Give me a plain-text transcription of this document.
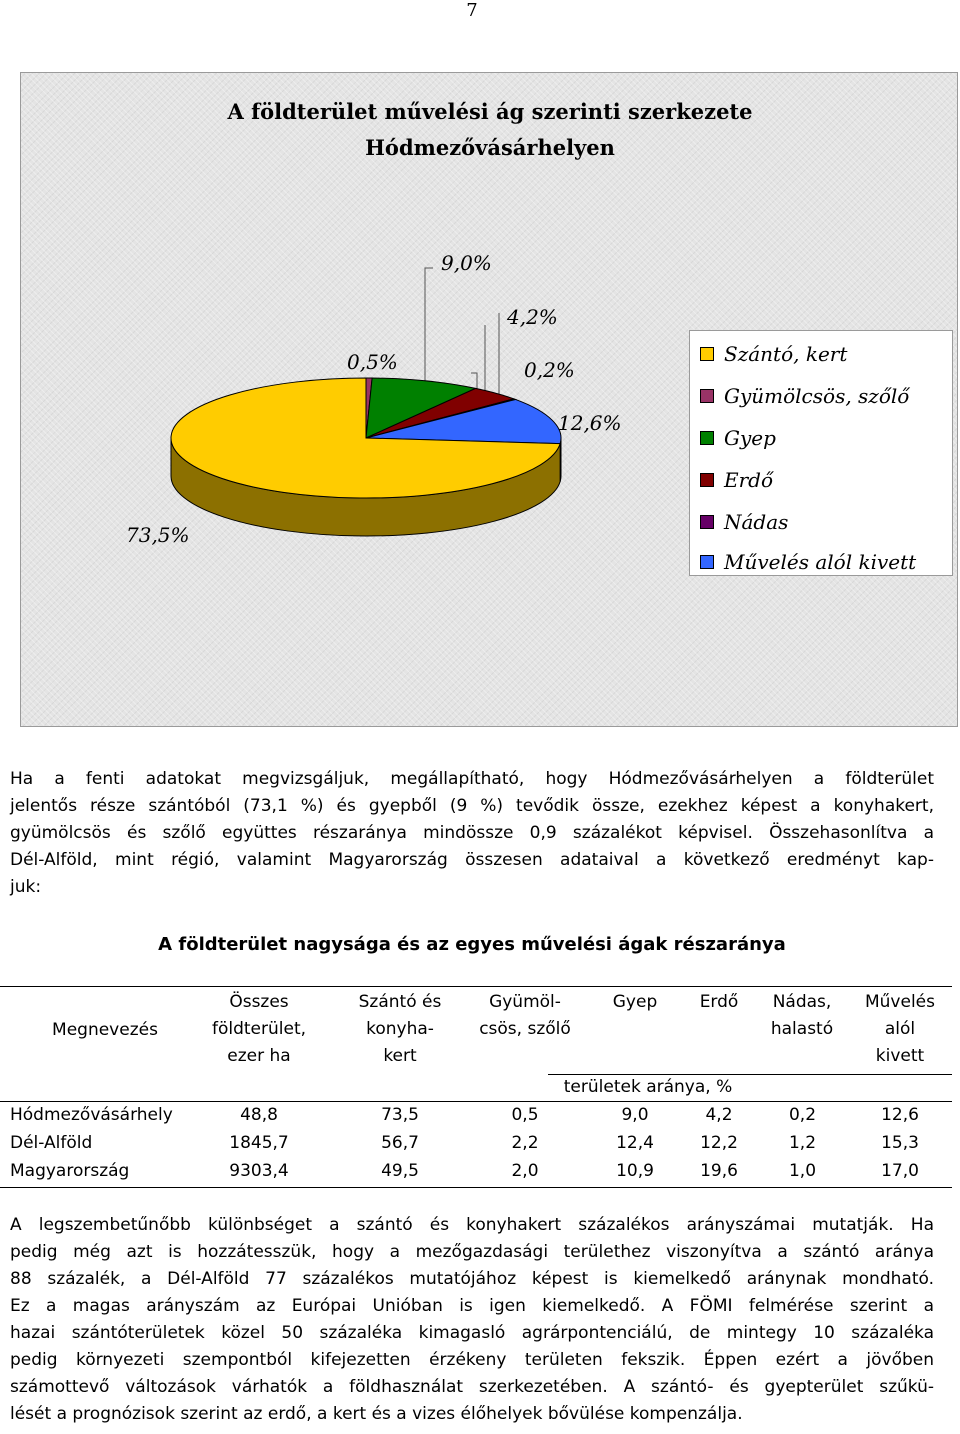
7
A földterület művelési ág szerinti szerkezete
Hódmezővásárhelyen
73,5%
0,5%
9,0%
4,2%
0,2%
12,6%
Szántó, kert
Gyümölcsös, szőlő
Gyep
Erdő
Nádas
Művelés alól kivett
Ha a fenti adatokat megvizsgáljuk, megállapítható, hogy Hódmezővásárhelyen a földterület
jelentős része szántóból (73,1 %) és gyepből (9 %) tevődik össze, ezekhez képest a konyhakert,
gyümölcsös és szőlő együttes részaránya mindössze 0,9 százalékot képvisel. Összehasonlítva a
Dél-Alföld, mint régió, valamint Magyarország összesen adataival a következő eredményt kap-
juk:
A földterület nagysága és az egyes művelési ágak részaránya
Megnevezés
Összes
földterület,
ezer ha
Szántó és
konyha-
kert
Gyümöl-
csös, szőlő
Gyep	Erdő	Nádas,
halastó
Művelés
alól
kivett
területek aránya, %
Hódmezővásárhely	48,8	73,5	0,5	9,0	4,2	0,2	12,6
Dél-Alföld	1845,7	56,7	2,2	12,4	12,2	1,2	15,3
Magyarország	9303,4	49,5	2,0	10,9	19,6	1,0	17,0
A legszembetűnőbb különbséget a szántó és konyhakert százalékos arányszámai mutatják. Ha
pedig még azt is hozzátesszük, hogy a mezőgazdasági területhez viszonyítva a szántó aránya
88 százalék, a Dél-Alföld 77 százalékos mutatójához képest is kiemelkedő aránynak mondható.
Ez a magas arányszám az Európai Unióban is igen kiemelkedő. A FÖMI felmérése szerint a
hazai szántóterületek közel 50 százaléka kimagasló agrárpontenciálú, de mintegy 10 százaléka
pedig környezeti szempontból kifejezetten érzékeny területen fekszik. Éppen ezért a jövőben
számottevő változások várhatók a földhasználat szerkezetében. A szántó- és gyepterület szűkü-
lését a prognózisok szerint az erdő, a kert és a vizes élőhelyek bővülése kompenzálja.
